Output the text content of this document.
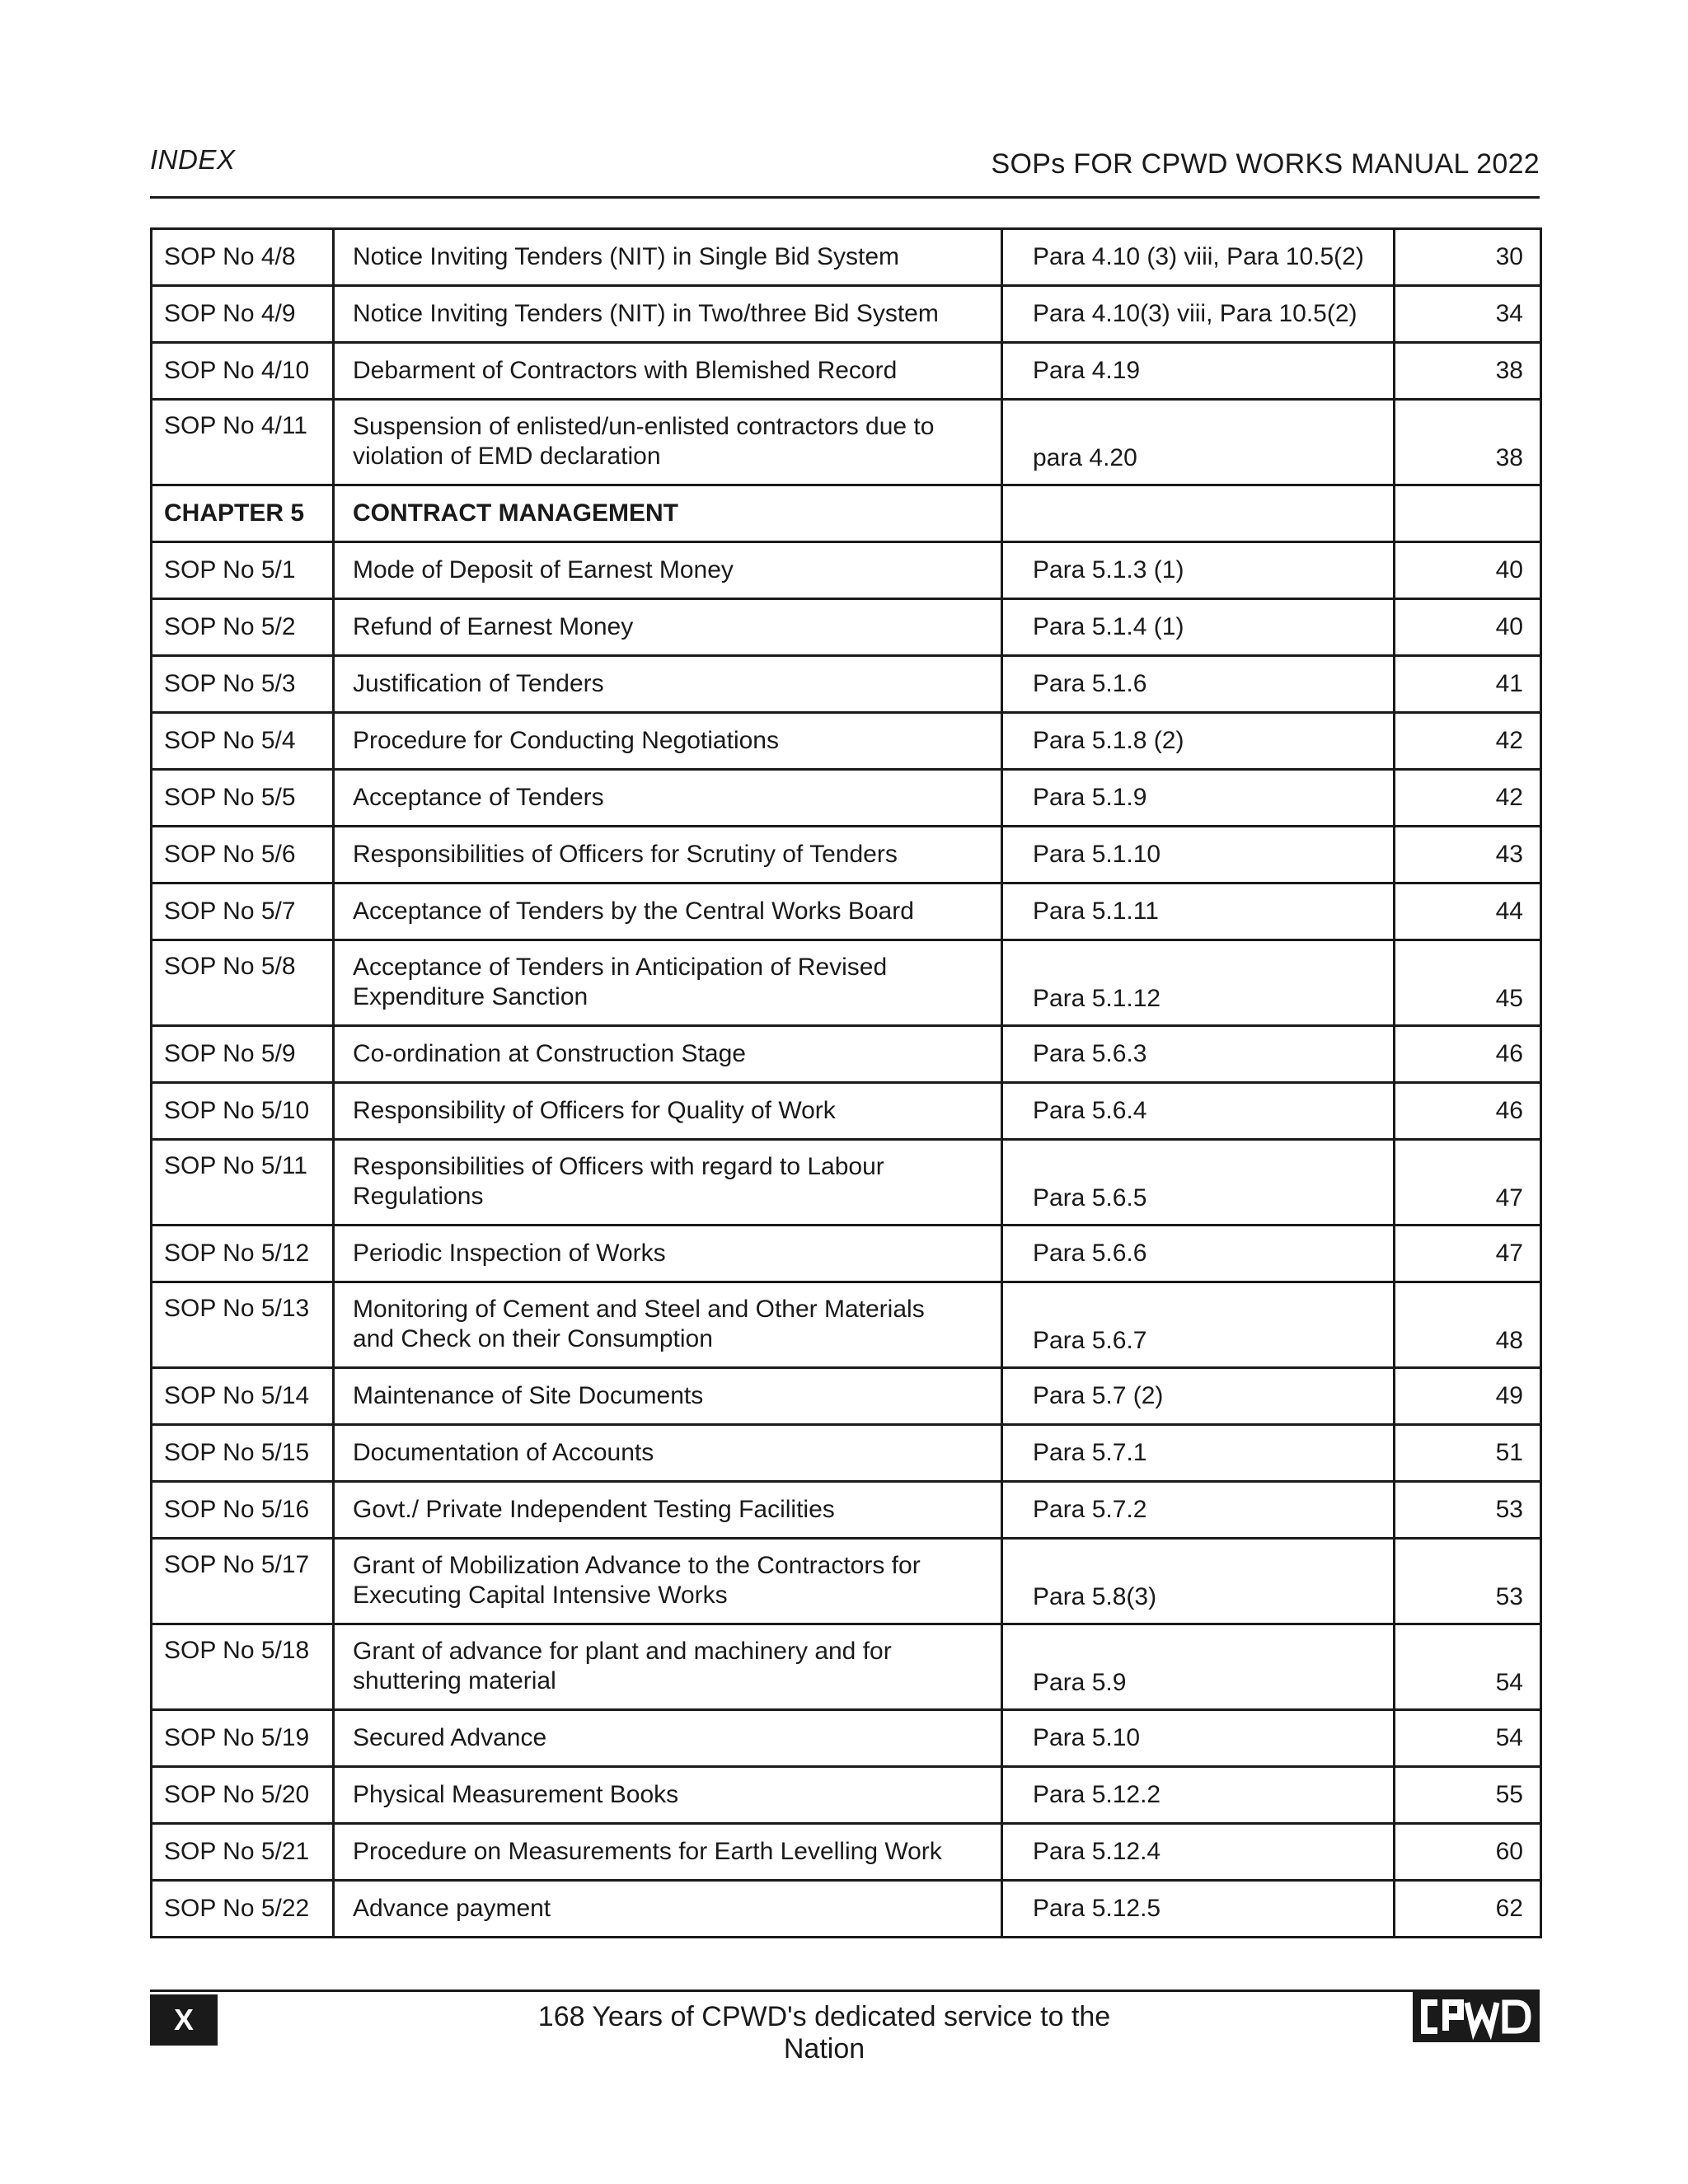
INDEX	SOPs FOR CPWD WORKS MANUAL 2022
SOP No 4/8	Notice Inviting Tenders (NIT) in Single Bid System	Para 4.10 (3) viii, Para 10.5(2)	30
SOP No 4/9	Notice Inviting Tenders (NIT) in Two/three Bid System	Para 4.10(3) viii, Para 10.5(2)	34
SOP No 4/10	Debarment of Contractors with Blemished Record	Para 4.19	38
SOP No 4/11	Suspension of enlisted/un-enlisted contractors due to
violation of EMD declaration	para 4.20	38
CHAPTER 5	CONTRACT MANAGEMENT		

SOP No 5/1	Mode of Deposit of Earnest Money	Para 5.1.3 (1)	40
SOP No 5/2	Refund of Earnest Money	Para 5.1.4 (1)	40
SOP No 5/3	Justification of Tenders	Para 5.1.6	41
SOP No 5/4	Procedure for Conducting Negotiations	Para 5.1.8 (2)	42
SOP No 5/5	Acceptance of Tenders	Para 5.1.9	42
SOP No 5/6	Responsibilities of Officers for Scrutiny of Tenders	Para 5.1.10	43
SOP No 5/7	Acceptance of Tenders by the Central Works Board	Para 5.1.11	44
SOP No 5/8	Acceptance of Tenders in Anticipation of Revised
Expenditure Sanction	Para 5.1.12	45
SOP No 5/9	Co-ordination at Construction Stage	Para 5.6.3	46
SOP No 5/10	Responsibility of Officers for Quality of Work	Para 5.6.4	46
SOP No 5/11	Responsibilities of Officers with regard to Labour
Regulations	Para 5.6.5	47
SOP No 5/12	Periodic Inspection of Works	Para 5.6.6	47
SOP No 5/13	Monitoring of Cement and Steel and Other Materials
and Check on their Consumption	Para 5.6.7	48
SOP No 5/14	Maintenance of Site Documents	Para 5.7 (2)	49
SOP No 5/15	Documentation of Accounts	Para 5.7.1	51
SOP No 5/16	Govt./ Private Independent Testing Facilities	Para 5.7.2	53
SOP No 5/17	Grant of Mobilization Advance to the Contractors for
Executing Capital Intensive Works	Para 5.8(3)	53
SOP No 5/18	Grant of advance for plant and machinery and for
shuttering material	Para 5.9	54
SOP No 5/19	Secured Advance	Para 5.10	54
SOP No 5/20	Physical Measurement Books	Para 5.12.2	55
SOP No 5/21	Procedure on Measurements for Earth Levelling Work	Para 5.12.4	60
SOP No 5/22	Advance payment	Para 5.12.5	62
X	168 Years of CPWD's dedicated service to the Nation
